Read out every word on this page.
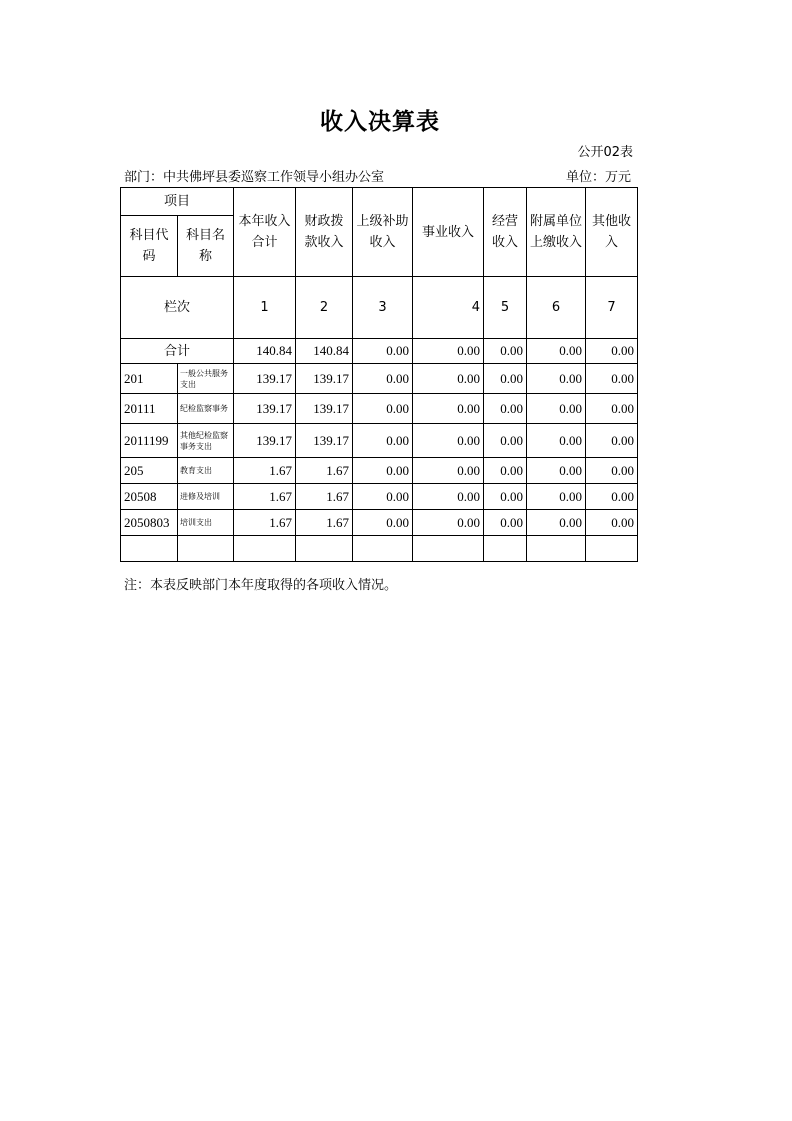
收入决算表
公开02表
部门：中共佛坪县委巡察工作领导小组办公室	单位：万元
项目		本年收入合计	财政拨款收入	上级补助收入	事业收入	经营收入	附属单位上缴收入	其他收入
科目代码	科目名称							
栏次		1	2	3	4	5	6	7
合计		140.84	140.84	0.00	0.00	0.00	0.00	0.00
201	一般公共服务支出	139.17	139.17	0.00	0.00	0.00	0.00	0.00
20111	纪检监察事务	139.17	139.17	0.00	0.00	0.00	0.00	0.00
2011199	其他纪检监察事务支出	139.17	139.17	0.00	0.00	0.00	0.00	0.00
205	教育支出	1.67	1.67	0.00	0.00	0.00	0.00	0.00
20508	进修及培训	1.67	1.67	0.00	0.00	0.00	0.00	0.00
2050803	培训支出	1.67	1.67	0.00	0.00	0.00	0.00	0.00

注：本表反映部门本年度取得的各项收入情况。
